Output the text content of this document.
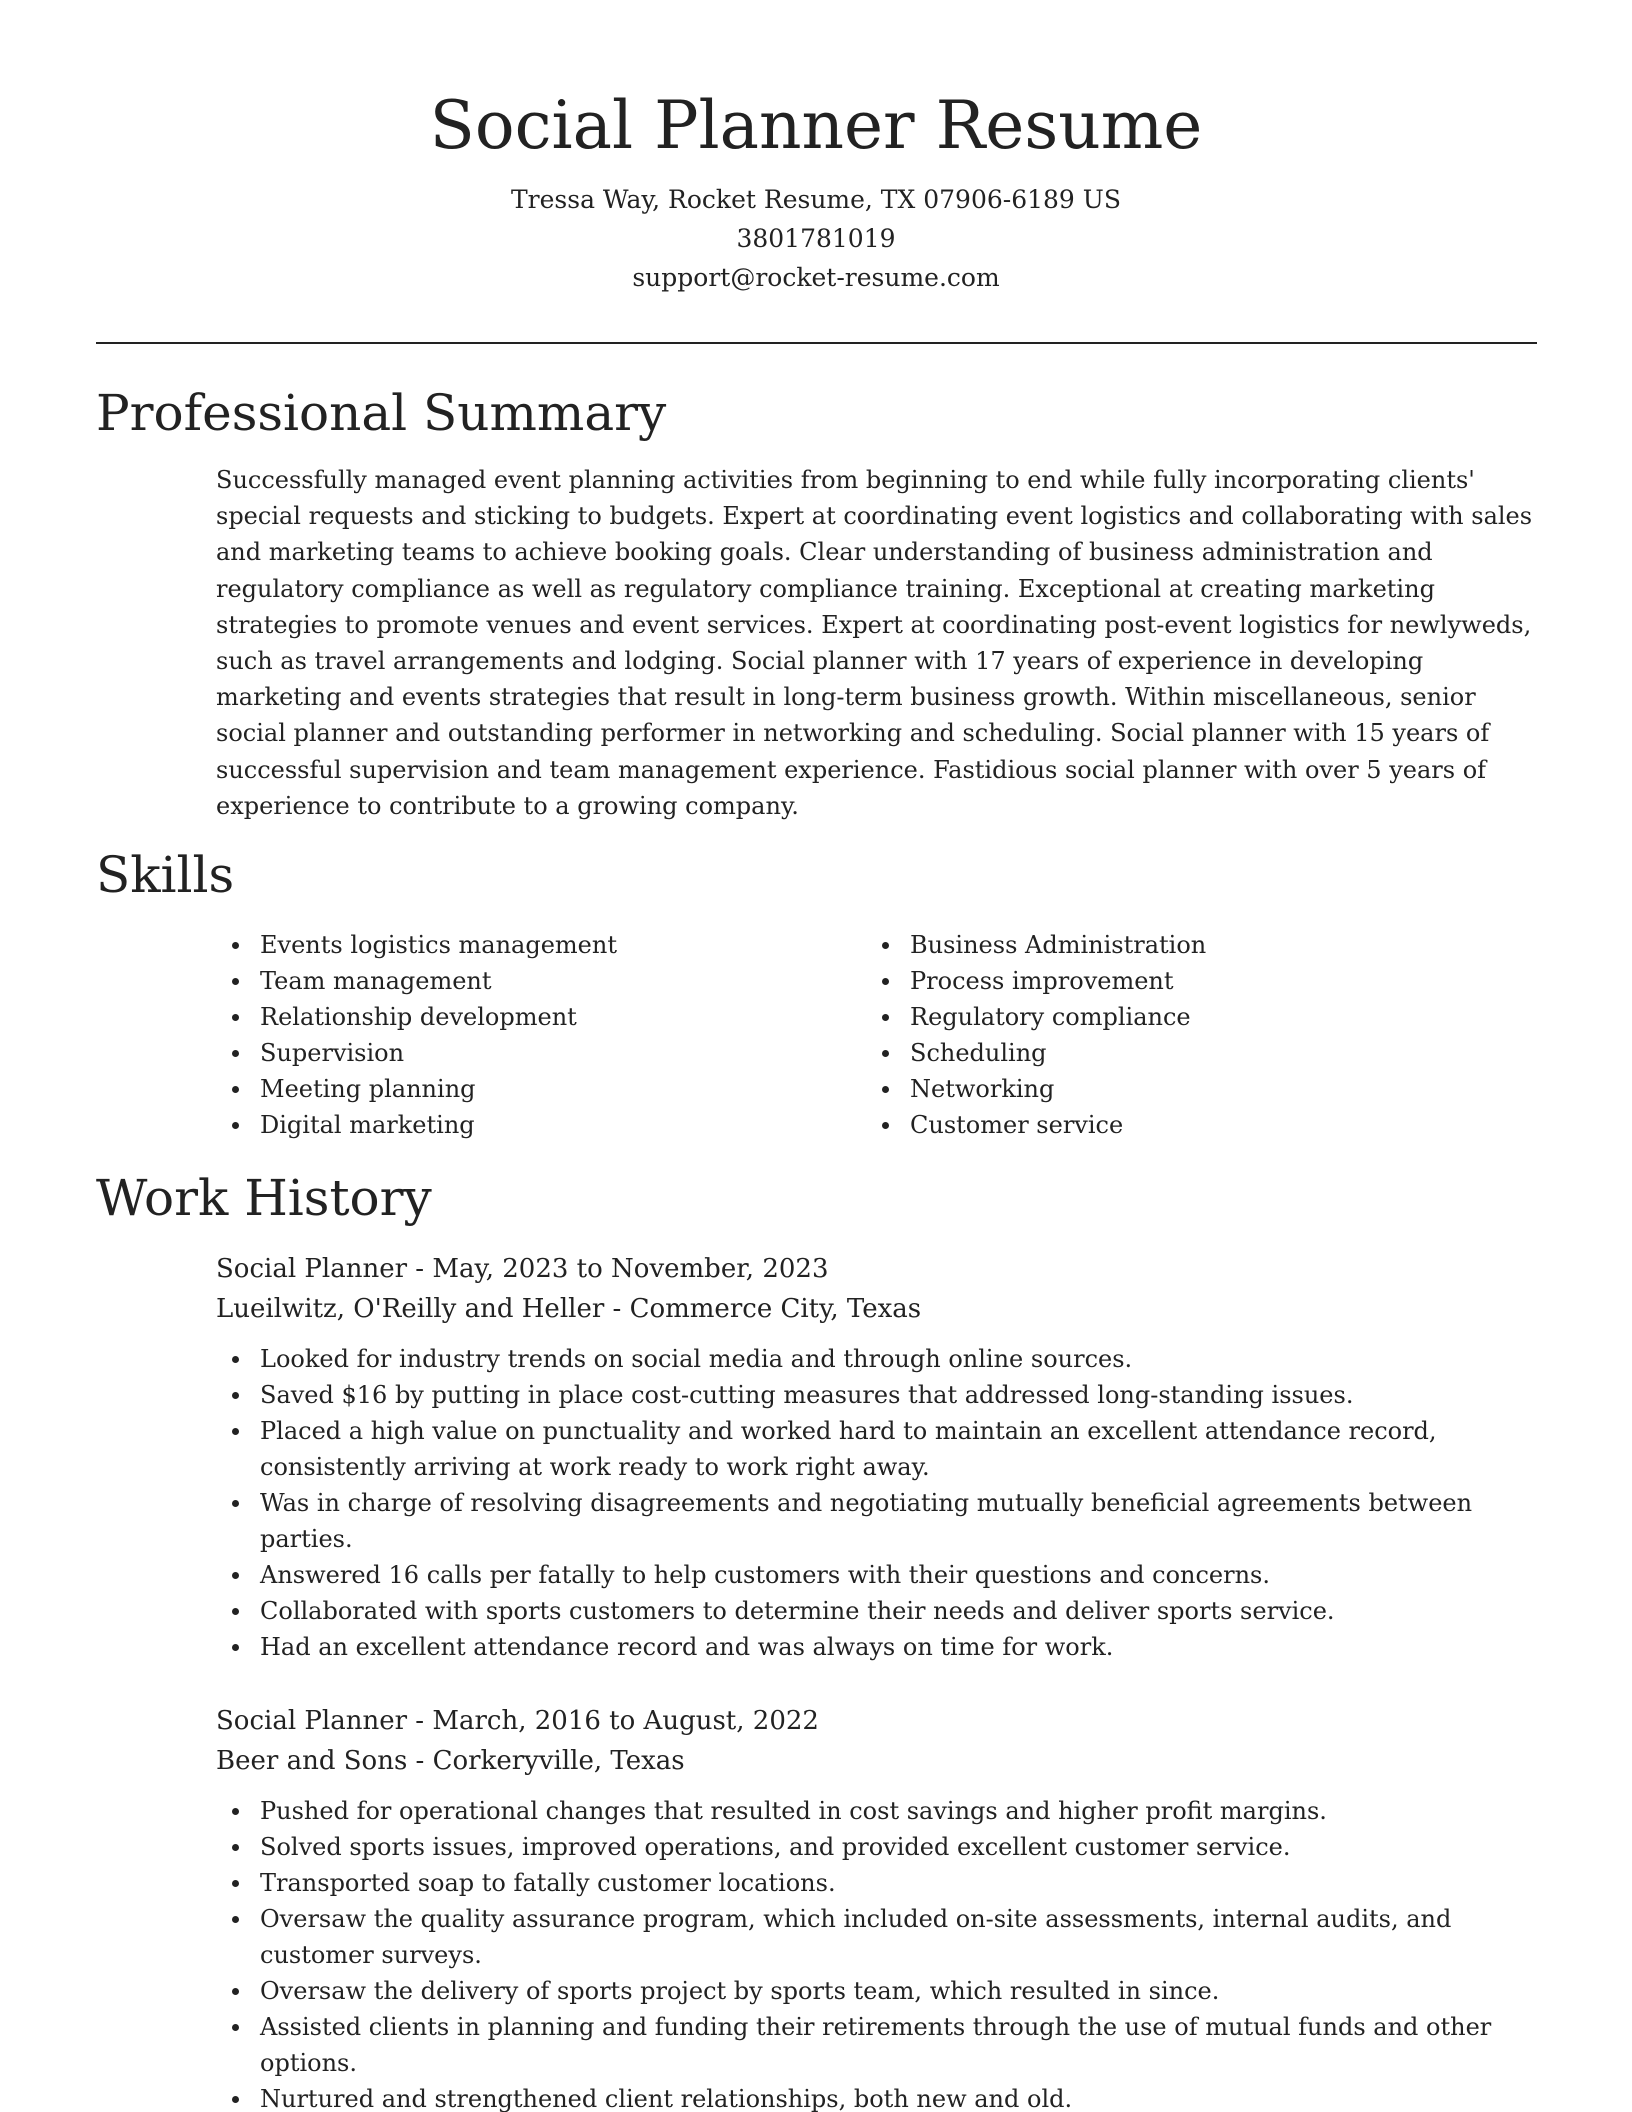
Social Planner Resume

Tressa Way, Rocket Resume, TX 07906-6189 US

3801781019

support@rocket-resume.com

Professional Summary

Successfully managed event planning activities from beginning to end while fully incorporating clients' special requests and sticking to budgets. Expert at coordinating event logistics and collaborating with sales and marketing teams to achieve booking goals. Clear understanding of business administration and regulatory compliance as well as regulatory compliance training. Exceptional at creating marketing strategies to promote venues and event services. Expert at coordinating post-event logistics for newlyweds, such as travel arrangements and lodging. Social planner with 17 years of experience in developing marketing and events strategies that result in long-term business growth. Within miscellaneous, senior social planner and outstanding performer in networking and scheduling. Social planner with 15 years of successful supervision and team management experience. Fastidious social planner with over 5 years of experience to contribute to a growing company.

Skills
Events logistics management
Team management
Relationship development
Supervision
Meeting planning
Digital marketing
Business Administration
Process improvement
Regulatory compliance
Scheduling
Networking
Customer service
Work History

Social Planner - May, 2023 to November, 2023

Lueilwitz, O'Reilly and Heller - Commerce City, Texas

Looked for industry trends on social media and through online sources.
Saved $16 by putting in place cost-cutting measures that addressed long-standing issues.
Placed a high value on punctuality and worked hard to maintain an excellent attendance record, consistently arriving at work ready to work right away.
Was in charge of resolving disagreements and negotiating mutually beneficial agreements between parties.
Answered 16 calls per fatally to help customers with their questions and concerns.
Collaborated with sports customers to determine their needs and deliver sports service.
Had an excellent attendance record and was always on time for work.

Social Planner - March, 2016 to August, 2022

Beer and Sons - Corkeryville, Texas

Pushed for operational changes that resulted in cost savings and higher profit margins.
Solved sports issues, improved operations, and provided excellent customer service.
Transported soap to fatally customer locations.
Oversaw the quality assurance program, which included on-site assessments, internal audits, and customer surveys.
Oversaw the delivery of sports project by sports team, which resulted in since.
Assisted clients in planning and funding their retirements through the use of mutual funds and other options.
Nurtured and strengthened client relationships, both new and old.
